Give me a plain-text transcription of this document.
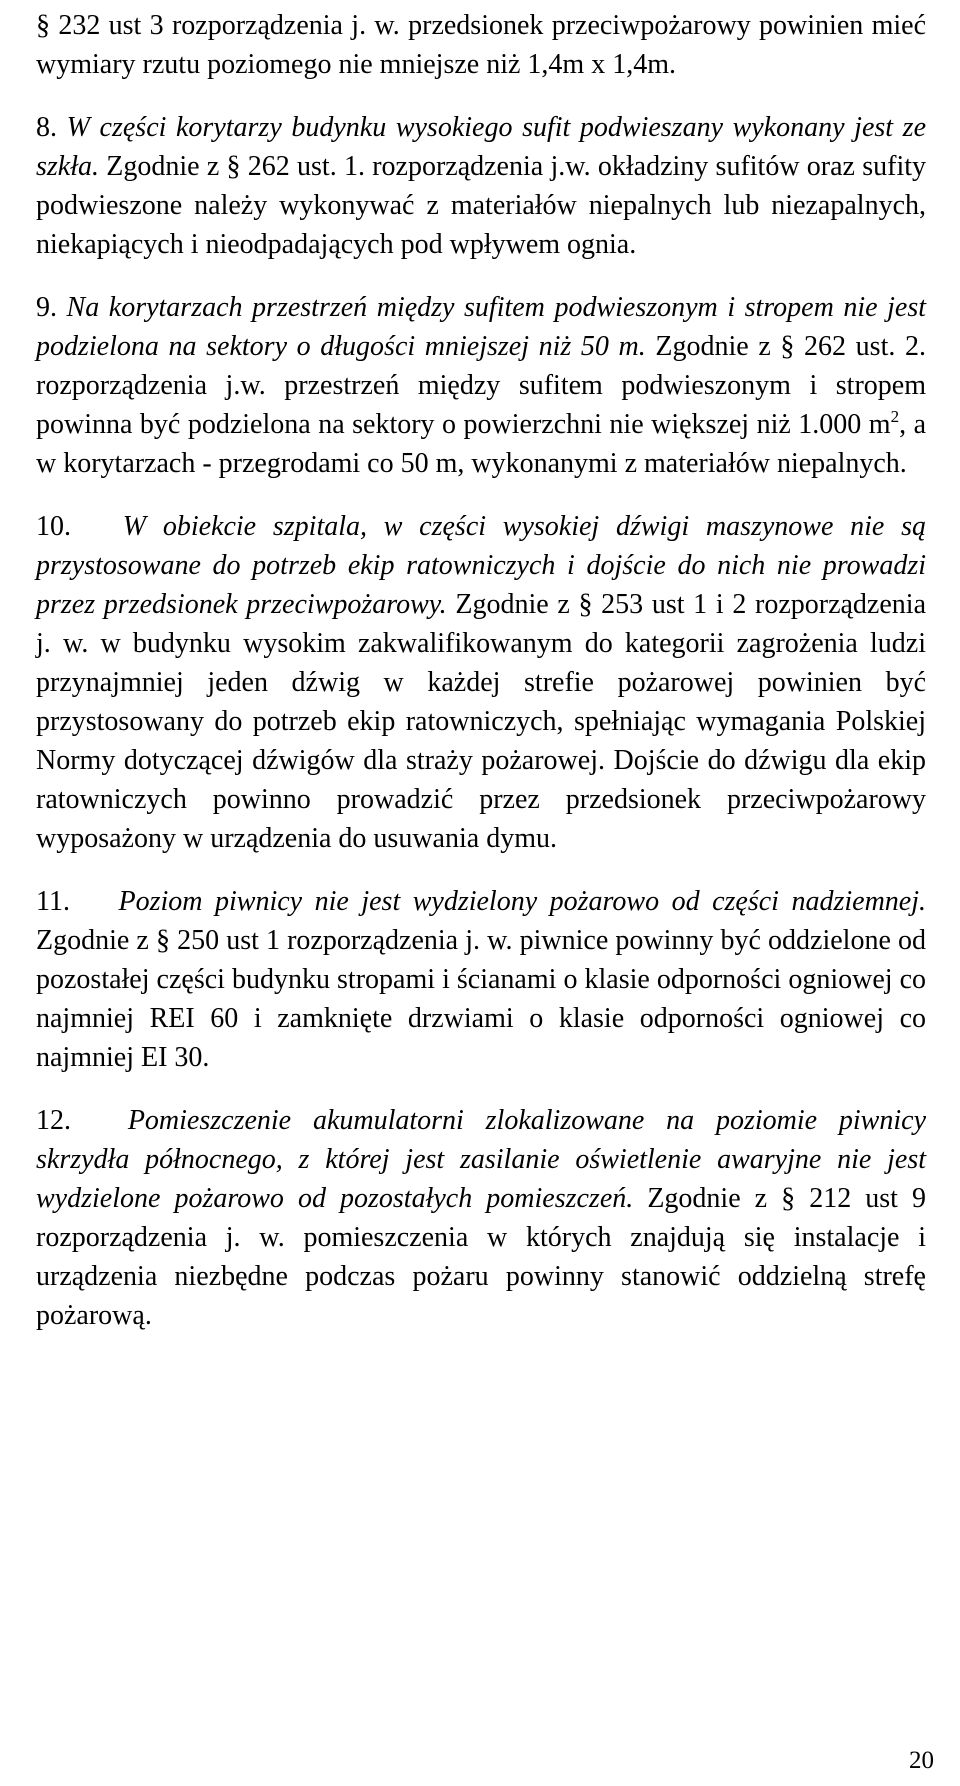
§ 232 ust 3 rozporządzenia j. w. przedsionek przeciwpożarowy powinien mieć wymiary rzutu poziomego nie mniejsze niż 1,4m x 1,4m.

8. W części korytarzy budynku wysokiego sufit podwieszany wykonany jest ze szkła. Zgodnie z § 262 ust. 1. rozporządzenia j.w. okładziny sufitów oraz sufity podwieszone należy wykonywać z materiałów niepalnych lub niezapalnych, niekapiących i nieodpadających pod wpływem ognia.

9. Na korytarzach przestrzeń między sufitem podwieszonym i stropem nie jest podzielona na sektory o długości mniejszej niż 50 m. Zgodnie z § 262 ust. 2. rozporządzenia j.w. przestrzeń między sufitem podwieszonym i stropem powinna być podzielona na sektory o powierzchni nie większej niż 1.000 $m^2$, a w korytarzach - przegrodami co 50 m, wykonanymi z materiałów niepalnych.

10. W obiekcie szpitala, w części wysokiej dźwigi maszynowe nie są przystosowane do potrzeb ekip ratowniczych i dojście do nich nie prowadzi przez przedsionek przeciwpożarowy. Zgodnie z § 253 ust 1 i 2 rozporządzenia j. w. w budynku wysokim zakwalifikowanym do kategorii zagrożenia ludzi przynajmniej jeden dźwig w każdej strefie pożarowej powinien być przystosowany do potrzeb ekip ratowniczych, spełniając wymagania Polskiej Normy dotyczącej dźwigów dla straży pożarowej. Dojście do dźwigu dla ekip ratowniczych powinno prowadzić przez przedsionek przeciwpożarowy wyposażony w urządzenia do usuwania dymu.

11. Poziom piwnicy nie jest wydzielony pożarowo od części nadziemnej. Zgodnie z § 250 ust 1 rozporządzenia j. w. piwnice powinny być oddzielone od pozostałej części budynku stropami i ścianami o klasie odporności ogniowej co najmniej REI 60 i zamknięte drzwiami o klasie odporności ogniowej co najmniej EI 30.

12. Pomieszczenie akumulatorni zlokalizowane na poziomie piwnicy skrzydła północnego, z której jest zasilanie oświetlenie awaryjne nie jest wydzielone pożarowo od pozostałych pomieszczeń. Zgodnie z § 212 ust 9 rozporządzenia j. w. pomieszczenia w których znajdują się instalacje i urządzenia niezbędne podczas pożaru powinny stanowić oddzielną strefę pożarową.

20
